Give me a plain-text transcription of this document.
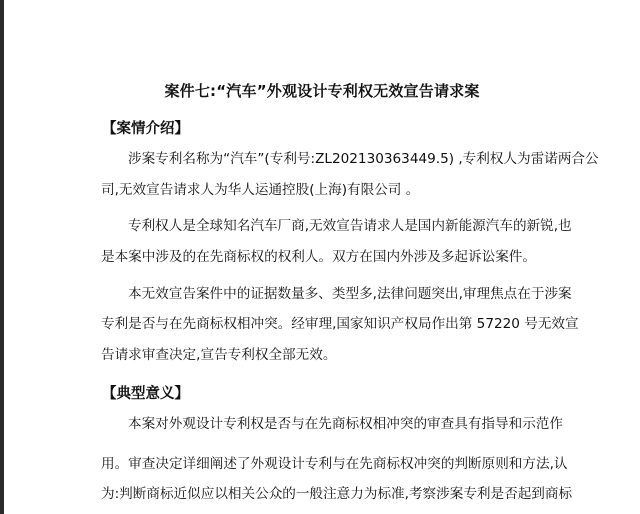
案件七:“汽车”外观设计专利权无效宣告请求案
【案情介绍】
涉案专利名称为“汽车”(专利号:ZL202130363449.5) ,专利权人为雷诺两合公
司,无效宣告请求人为华人运通控股(上海)有限公司 。
专利权人是全球知名汽车厂商,无效宣告请求人是国内新能源汽车的新锐,也
是本案中涉及的在先商标权的权利人。双方在国内外涉及多起诉讼案件。
本无效宣告案件中的证据数量多、类型多,法律问题突出,审理焦点在于涉案
专利是否与在先商标权相冲突。经审理,国家知识产权局作出第 57220 号无效宣
告请求审查决定,宣告专利权全部无效。
【典型意义】
本案对外观设计专利权是否与在先商标权相冲突的审查具有指导和示范作
用。审查决定详细阐述了外观设计专利与在先商标权冲突的判断原则和方法,认
为:判断商标近似应以相关公众的一般注意力为标准,考察涉案专利是否起到商标
